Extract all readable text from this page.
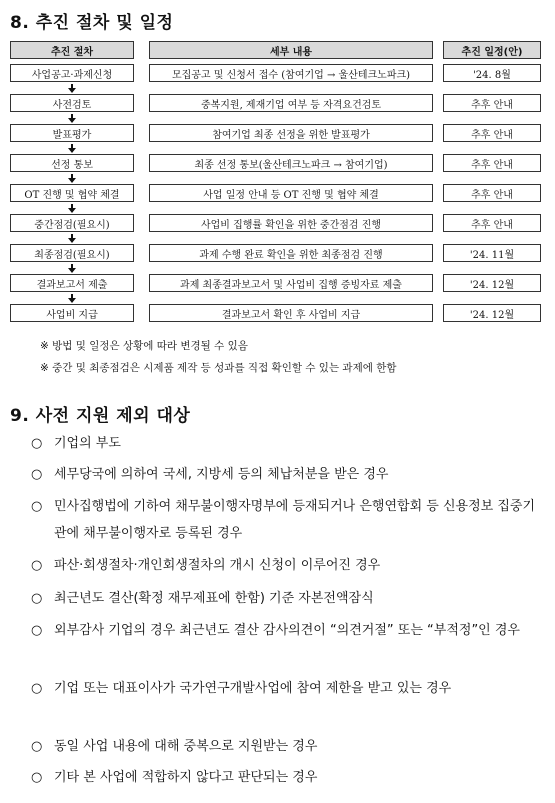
8. 추진 절차 및 일정
추진 절차	세부 내용	추진 일정(안)
사업공고·과제신청	모집공고 및 신청서 접수 (참여기업 → 울산테크노파크)	'24. 8월
사전검토	중복지원, 제재기업 여부 등 자격요건검토	추후 안내
발표평가	참여기업 최종 선정을 위한 발표평가	추후 안내
선정 통보	최종 선정 통보(울산테크노파크 → 참여기업)	추후 안내
OT 진행 및 협약 체결	사업 일정 안내 등 OT 진행 및 협약 체결	추후 안내
중간점검(필요시)	사업비 집행률 확인을 위한 중간점검 진행	추후 안내
최종점검(필요시)	과제 수행 완료 확인을 위한 최종점검 진행	'24. 11월
결과보고서 제출	과제 최종결과보고서 및 사업비 집행 증빙자료 제출	'24. 12월
사업비 지급	결과보고서 확인 후 사업비 지급	'24. 12월
※ 방법 및 일정은 상황에 따라 변경될 수 있음
※ 중간 및 최종점검은 시제품 제작 등 성과를 직접 확인할 수 있는 과제에 한함
9. 사전 지원 제외 대상
○ 기업의 부도
○ 세무당국에 의하여 국세, 지방세 등의 체납처분을 받은 경우
○ 민사집행법에 기하여 채무불이행자명부에 등재되거나 은행연합회 등 신용정보 집중기관에 채무불이행자로 등록된 경우
○ 파산·회생절차·개인회생절차의 개시 신청이 이루어진 경우
○ 최근년도 결산(확정 재무제표에 한함) 기준 자본전액잠식
○ 외부감사 기업의 경우 최근년도 결산 감사의견이 “의견거절” 또는 “부적정”인 경우
○ 기업 또는 대표이사가 국가연구개발사업에 참여 제한을 받고 있는 경우
○ 동일 사업 내용에 대해 중복으로 지원받는 경우
○ 기타 본 사업에 적합하지 않다고 판단되는 경우
